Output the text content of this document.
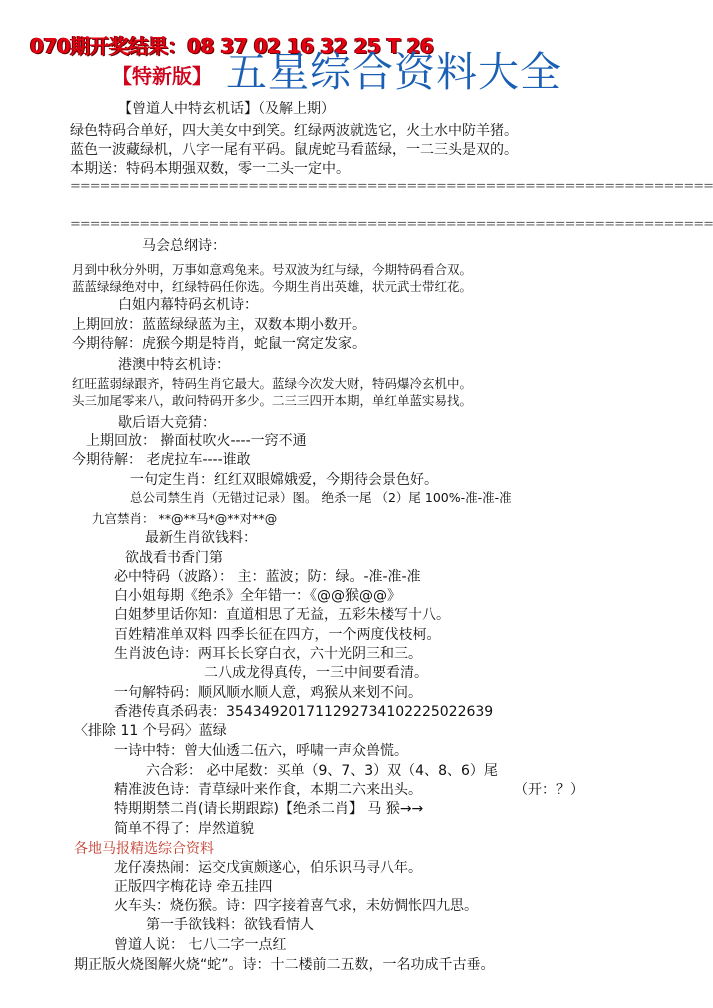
070期开奖结果：08 37 02 16 32 25 T 26
【特新版】 五星综合资料大全
【曾道人中特玄机话】（及解上期）
绿色特码合单好，四大美女中到笑。红绿两波就选它，火土水中防羊猪。
蓝色一波藏绿机，八字一尾有平码。鼠虎蛇马看蓝绿，一二三头是双的。
本期送：特码本期强双数，零一二头一定中。
=================================================================
=================================================================
马会总纲诗：
月到中秋分外明，万事如意鸡兔来。号双波为红与绿，今期特码看合双。
蓝蓝绿绿绝对中，红绿特码任你选。今期生肖出英雄，状元武士带红花。
白姐内幕特码玄机诗：
上期回放：蓝蓝绿绿蓝为主，双数本期小数开。
今期待解：虎猴今期是特肖，蛇鼠一窝定发家。
港澳中特玄机诗：
红旺蓝弱绿跟齐，特码生肖它最大。蓝绿今次发大财，特码爆冷玄机中。
头三加尾零来八，敢问特码开多少。二三三四开本期，单红单蓝实易找。
歇后语大竞猜：
上期回放： 擀面杖吹火----一窍不通
今期待解： 老虎拉车----谁敢
一句定生肖：红红双眼嫦娥爱，今期待会景色好。
总公司禁生肖（无错过记录）图。 绝杀一尾 （2）尾 100%-准-准-准
九宫禁肖： **@**马*@**对**@
最新生肖欲钱料：
欲战看书香门第
必中特码（波路）： 主：蓝波；防：绿。-准-准-准
白小姐每期《绝杀》全年错一：《@@猴@@》
白姐梦里话你知：直道相思了无益，五彩朱楼写十八。
百姓精准单双料 四季长征在四方，一个两度伐枝柯。
生肖波色诗：两耳长长穿白衣，六十光阴三和三。
二八成龙得真传，一三中间要看清。
一句解特码：顺风顺水顺人意，鸡猴从来划不问。
香港传真杀码表：35434920171129273410222502263​9
〈排除 11 个号码〉蓝绿
一诗中特：曾大仙透二伍六，呼啸一声众兽慌。
六合彩： 必中尾数：买单（9、7、3）双（4、8、6）尾
精准波色诗：青草绿叶来作食，本期二六来出头。	（开：？）
特期期禁二肖(请长期跟踪)【绝杀二肖】 马 猴→→
简单不得了：岸然道貌
各地马报精选综合资料
龙仔凑热闹：运交戊寅颇遂心，伯乐识马寻八年。
正版四字梅花诗 牵五挂四
火车头：烧伤猴。诗：四字接着喜气求，未妨惆怅四九思。
第一手欲钱料：欲钱看情人
曾道人说： 七八二字一点红
期正版火烧图解火烧“蛇”。诗：十二楼前二五数，一名功成千古垂。
